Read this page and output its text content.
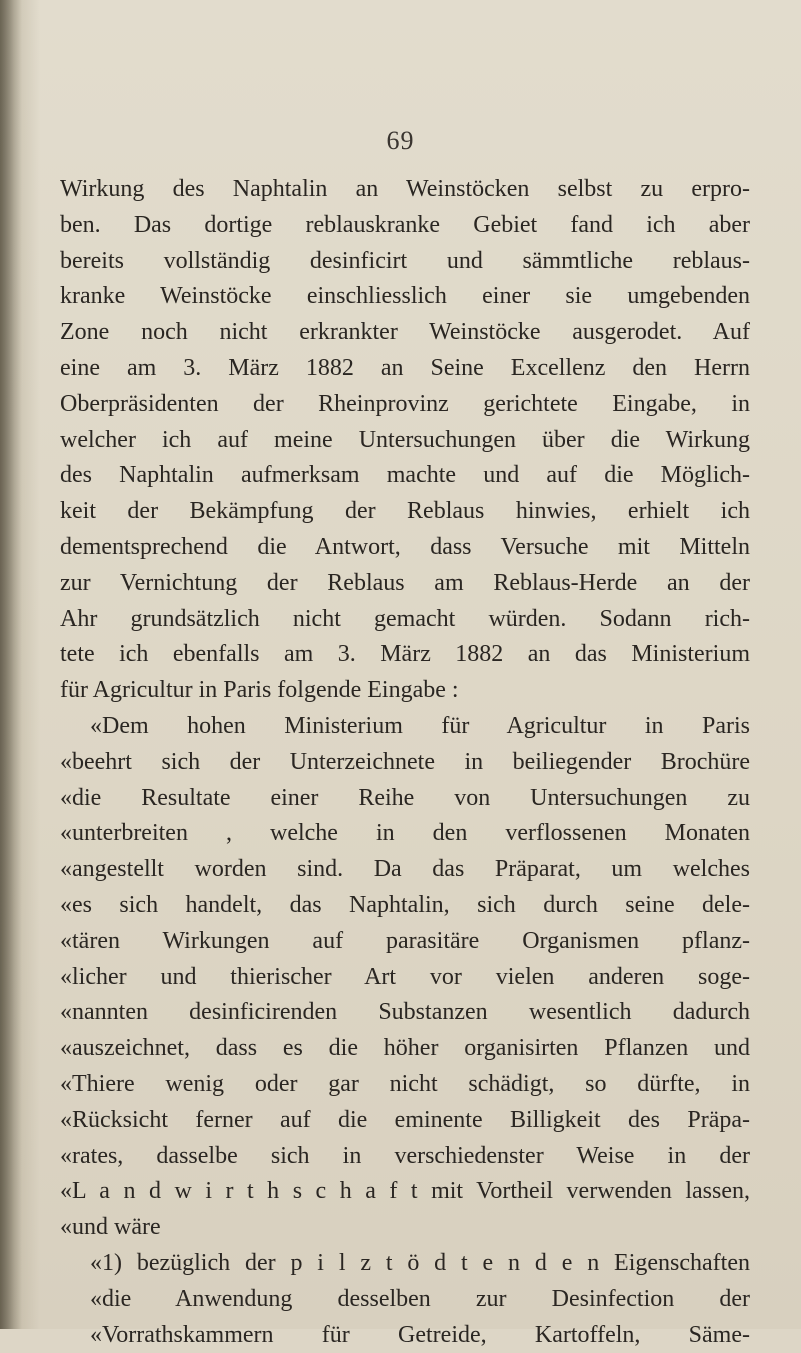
69
Wirkung des Naphtalin an Weinstöcken selbst zu erpro-
ben. Das dortige reblauskranke Gebiet fand ich aber
bereits vollständig desinficirt und sämmtliche reblaus-
kranke Weinstöcke einschliesslich einer sie umgebenden
Zone noch nicht erkrankter Weinstöcke ausgerodet. Auf
eine am 3. März 1882 an Seine Excellenz den Herrn
Oberpräsidenten der Rheinprovinz gerichtete Eingabe, in
welcher ich auf meine Untersuchungen über die Wirkung
des Naphtalin aufmerksam machte und auf die Möglich-
keit der Bekämpfung der Reblaus hinwies, erhielt ich
dementsprechend die Antwort, dass Versuche mit Mitteln
zur Vernichtung der Reblaus am Reblaus-Herde an der
Ahr grundsätzlich nicht gemacht würden. Sodann rich-
tete ich ebenfalls am 3. März 1882 an das Ministerium
für Agricultur in Paris folgende Eingabe :
«Dem hohen Ministerium für Agricultur in Paris
«beehrt sich der Unterzeichnete in beiliegender Brochüre
«die Resultate einer Reihe von Untersuchungen zu
«unterbreiten , welche in den verflossenen Monaten
«angestellt worden sind. Da das Präparat, um welches
«es sich handelt, das Naphtalin, sich durch seine dele-
«tären Wirkungen auf parasitäre Organismen pflanz-
«licher und thierischer Art vor vielen anderen soge-
«nannten desinficirenden Substanzen wesentlich dadurch
«auszeichnet, dass es die höher organisirten Pflanzen und
«Thiere wenig oder gar nicht schädigt, so dürfte, in
«Rücksicht ferner auf die eminente Billigkeit des Präpa-
«rates, dasselbe sich in verschiedenster Weise in der
«L a n d w i r t h s c h a f t mit Vortheil verwenden lassen,
«und wäre
«1) bezüglich der p i l z t ö d t e n d e n Eigenschaften
«die Anwendung desselben zur Desinfection der
«Vorrathskammern für Getreide, Kartoffeln, Säme-
